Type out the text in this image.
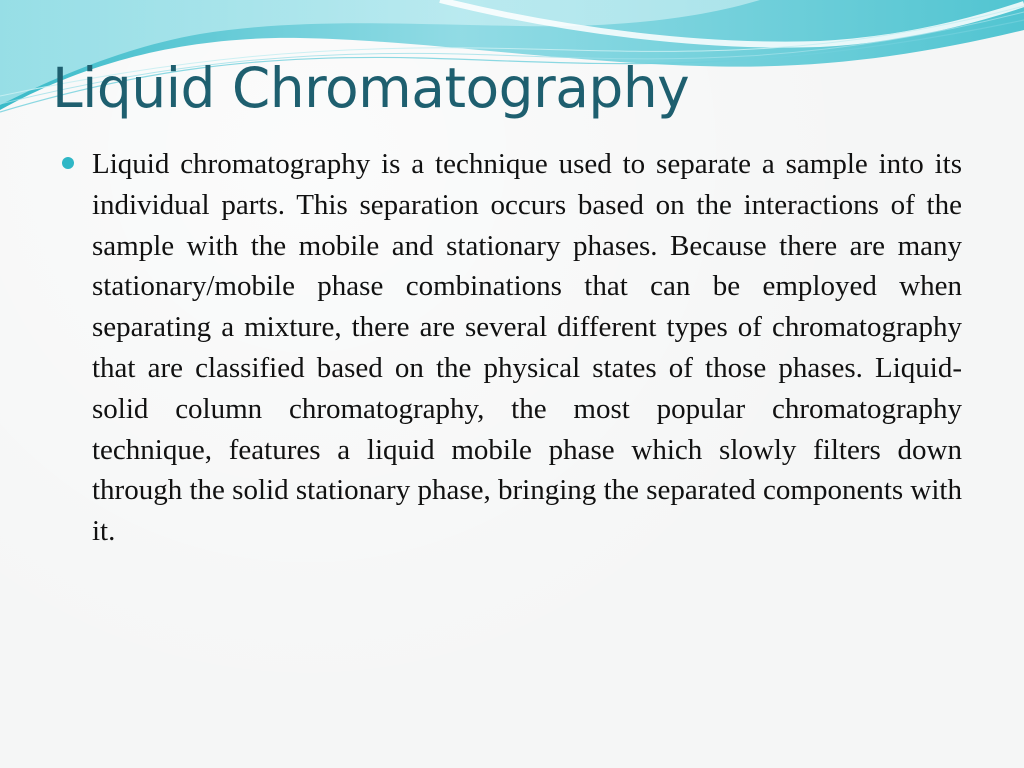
Liquid Chromatography

Liquid chromatography is a technique used to separate a sample into its individual parts. This separation occurs based on the interactions of the sample with the mobile and stationary phases. Because there are many stationary/mobile phase combinations that can be employed when separating a mixture, there are several different types of chromatography that are classified based on the physical states of those phases. Liquid-solid column chromatography, the most popular chromatography technique, features a liquid mobile phase which slowly filters down through the solid stationary phase, bringing the separated components with it.
